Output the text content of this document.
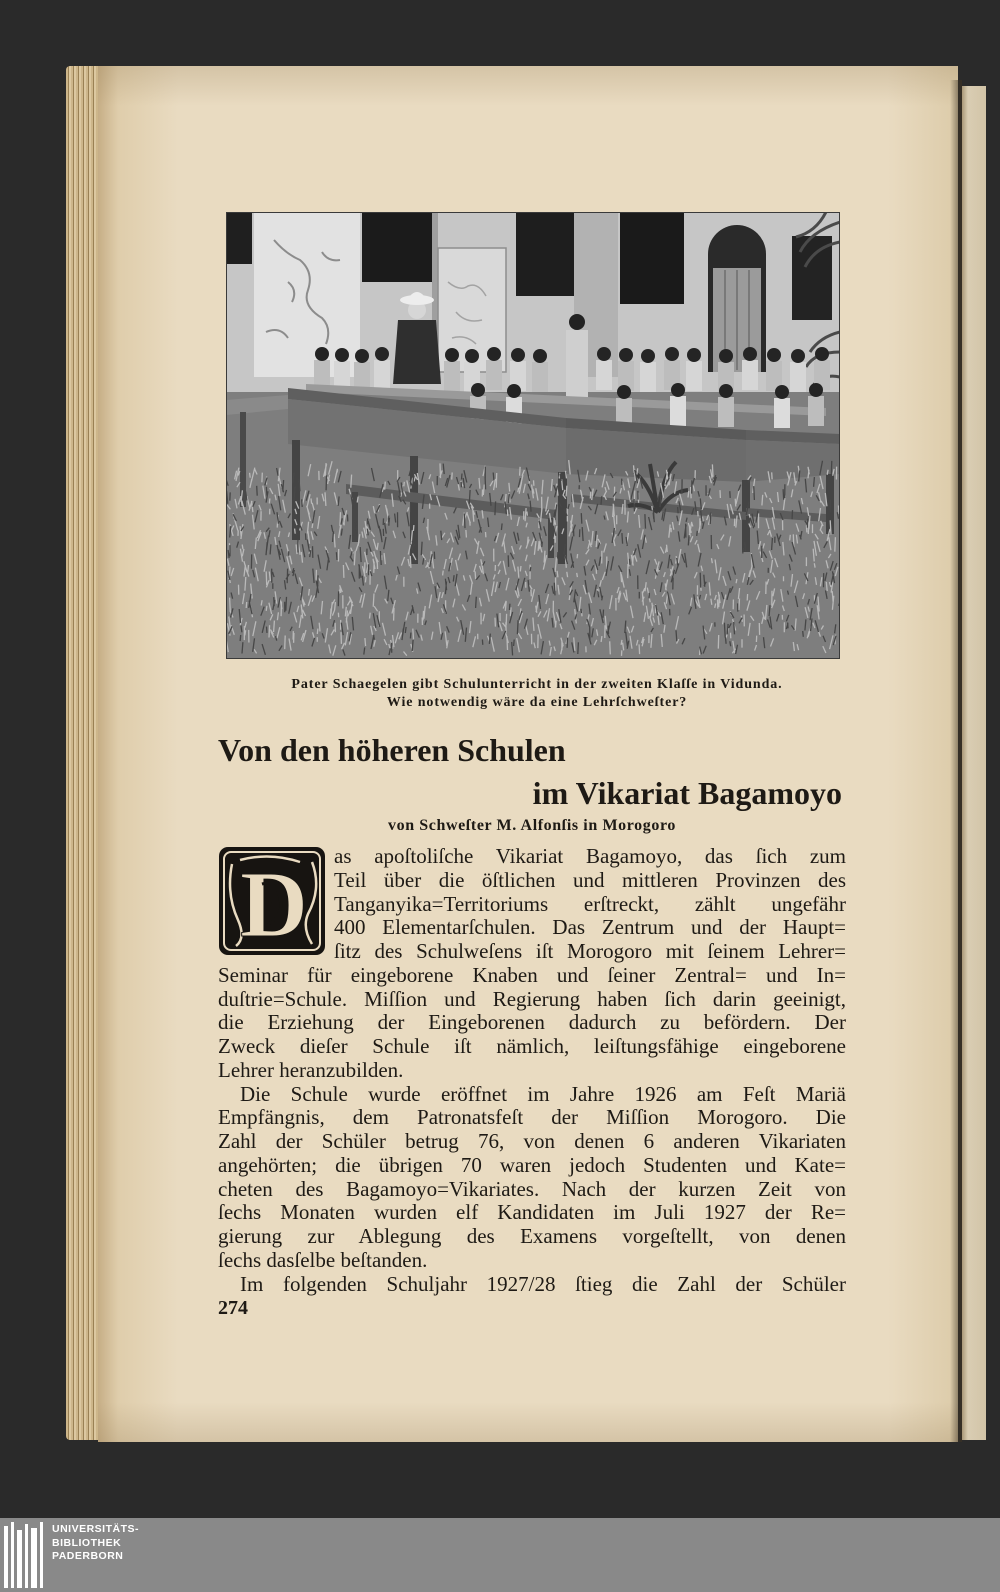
Pater Schaegelen gibt Schulunterricht in der zweiten Klaſſe in Vidunda.
Wie notwendig wäre da eine Lehrſchweſter?
Von den höheren Schulen
im Vikariat Bagamoyo
von Schweſter M. Alfonſis in Morogoro
D as apoſtoliſche Vikariat Bagamoyo, das ſich zum
Teil über die öſtlichen und mittleren Provinzen des
Tanganyika=Territoriums erſtreckt, zählt ungefähr
400 Elementarſchulen. Das Zentrum und der Haupt=
ſitz des Schulweſens iſt Morogoro mit ſeinem Lehrer=
Seminar für eingeborene Knaben und ſeiner Zentral= und In=
duſtrie=Schule. Miſſion und Regierung haben ſich darin geeinigt,
die Erziehung der Eingeborenen dadurch zu befördern. Der
Zweck dieſer Schule iſt nämlich, leiſtungsfähige eingeborene
Lehrer heranzubilden.
Die Schule wurde eröffnet im Jahre 1926 am Feſt Mariä
Empfängnis, dem Patronatsfeſt der Miſſion Morogoro. Die
Zahl der Schüler betrug 76, von denen 6 anderen Vikariaten
angehörten; die übrigen 70 waren jedoch Studenten und Kate=
cheten des Bagamoyo=Vikariates. Nach der kurzen Zeit von
ſechs Monaten wurden elf Kandidaten im Juli 1927 der Re=
gierung zur Ablegung des Examens vorgeſtellt, von denen
ſechs dasſelbe beſtanden.
Im folgenden Schuljahr 1927/28 ſtieg die Zahl der Schüler
274
UNIVERSITÄTS-
BIBLIOTHEK
PADERBORN
